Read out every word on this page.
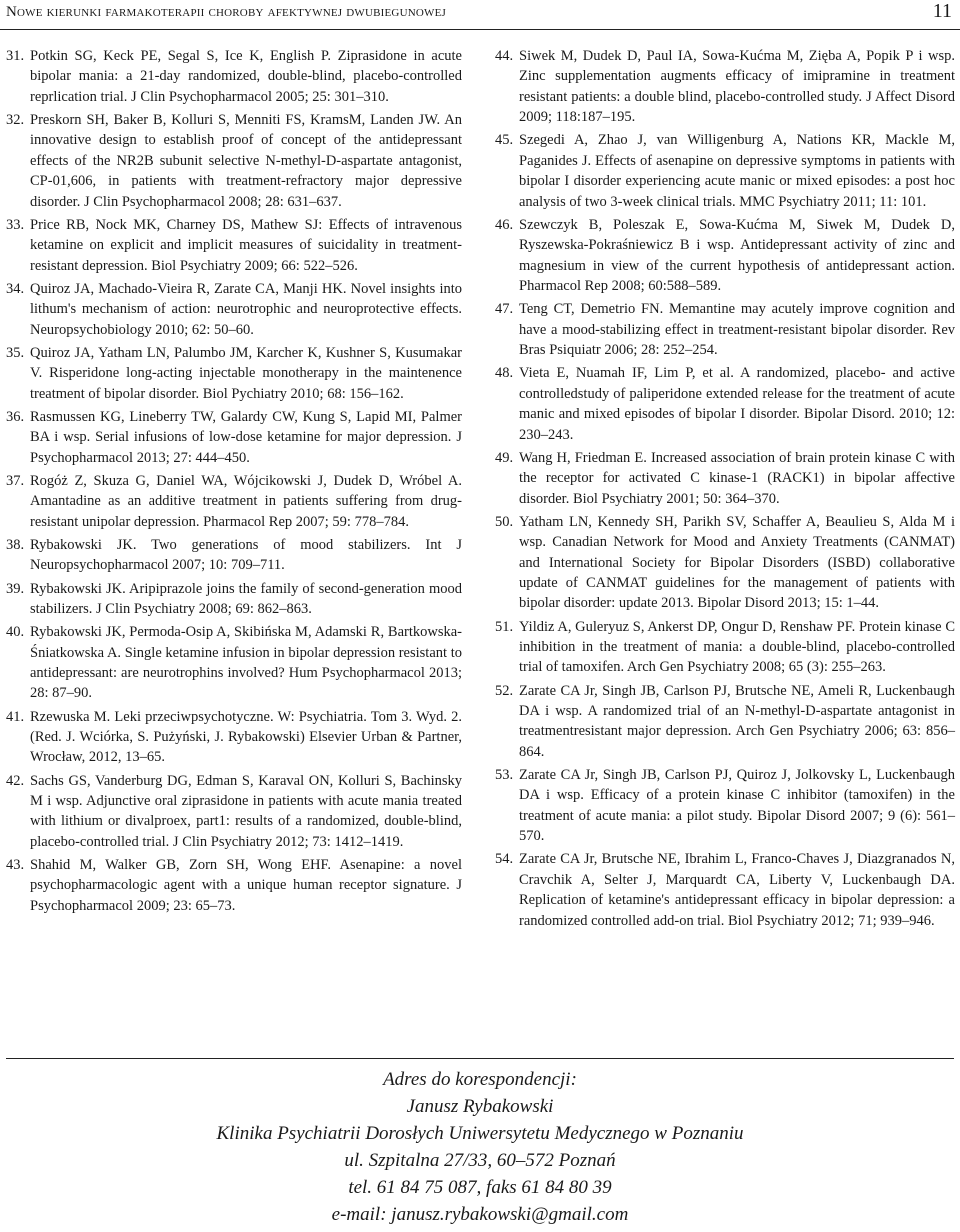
Nowe kierunki farmakoterapii choroby afektywnej dwubiegunowej	11
31. Potkin SG, Keck PE, Segal S, Ice K, English P. Ziprasidone in acute bipolar mania: a 21-day randomized, double-blind, placebo-controlled reprlication trial. J Clin Psychopharmacol 2005; 25: 301–310.
32. Preskorn SH, Baker B, Kolluri S, Menniti FS, KramsM, Landen JW. An innovative design to establish proof of concept of the antidepressant effects of the NR2B subunit selective N-methyl-D-aspartate antagonist, CP-01,606, in patients with treatment-refractory major depressive disorder. J Clin Psychopharmacol 2008; 28: 631–637.
33. Price RB, Nock MK, Charney DS, Mathew SJ: Effects of intravenous ketamine on explicit and implicit measures of suicidality in treatment-resistant depression. Biol Psychiatry 2009; 66: 522–526.
34. Quiroz JA, Machado-Vieira R, Zarate CA, Manji HK. Novel insights into lithum's mechanism of action: neurotrophic and neuroprotective effects. Neuropsychobiology 2010; 62: 50–60.
35. Quiroz JA, Yatham LN, Palumbo JM, Karcher K, Kushner S, Kusumakar V. Risperidone long-acting injectable monotherapy in the maintenence treatment of bipolar disorder. Biol Pychiatry 2010; 68: 156–162.
36. Rasmussen KG, Lineberry TW, Galardy CW, Kung S, Lapid MI, Palmer BA i wsp. Serial infusions of low-dose ketamine for major depression. J Psychopharmacol 2013; 27: 444–450.
37. Rogóż Z, Skuza G, Daniel WA, Wójcikowski J, Dudek D, Wróbel A. Amantadine as an additive treatment in patients suffering from drug-resistant unipolar depression. Pharmacol Rep 2007; 59: 778–784.
38. Rybakowski JK. Two generations of mood stabilizers. Int J Neuropsychopharmacol 2007; 10: 709–711.
39. Rybakowski JK. Aripiprazole joins the family of second-generation mood stabilizers. J Clin Psychiatry 2008; 69: 862–863.
40. Rybakowski JK, Permoda-Osip A, Skibińska M, Adamski R, Bartkowska-Śniatkowska A. Single ketamine infusion in bipolar depression resistant to antidepressant: are neurotrophins involved? Hum Psychopharmacol 2013; 28: 87–90.
41. Rzewuska M. Leki przeciwpsychotyczne. W: Psychiatria. Tom 3. Wyd. 2. (Red. J. Wciórka, S. Pużyński, J. Rybakowski) Elsevier Urban & Partner, Wrocław, 2012, 13–65.
42. Sachs GS, Vanderburg DG, Edman S, Karaval ON, Kolluri S, Bachinsky M i wsp. Adjunctive oral ziprasidone in patients with acute mania treated with lithium or divalproex, part1: results of a randomized, double-blind, placebo-controlled trial. J Clin Psychiatry 2012; 73: 1412–1419.
43. Shahid M, Walker GB, Zorn SH, Wong EHF. Asenapine: a novel psychopharmacologic agent with a unique human receptor signature. J Psychopharmacol 2009; 23: 65–73.
44. Siwek M, Dudek D, Paul IA, Sowa-Kućma M, Zięba A, Popik P i wsp. Zinc supplementation augments efficacy of imipramine in treatment resistant patients: a double blind, placebo-controlled study. J Affect Disord 2009; 118:187–195.
45. Szegedi A, Zhao J, van Willigenburg A, Nations KR, Mackle M, Paganides J. Effects of asenapine on depressive symptoms in patients with bipolar I disorder experiencing acute manic or mixed episodes: a post hoc analysis of two 3-week clinical trials. MMC Psychiatry 2011; 11: 101.
46. Szewczyk B, Poleszak E, Sowa-Kućma M, Siwek M, Dudek D, Ryszewska-Pokraśniewicz B i wsp. Antidepressant activity of zinc and magnesium in view of the current hypothesis of antidepressant action. Pharmacol Rep 2008; 60:588–589.
47. Teng CT, Demetrio FN. Memantine may acutely improve cognition and have a mood-stabilizing effect in treatment-resistant bipolar disorder. Rev Bras Psiquiatr 2006; 28: 252–254.
48. Vieta E, Nuamah IF, Lim P, et al. A randomized, placebo- and active controlledstudy of paliperidone extended release for the treatment of acute manic and mixed episodes of bipolar I disorder. Bipolar Disord. 2010; 12: 230–243.
49. Wang H, Friedman E. Increased association of brain protein kinase C with the receptor for activated C kinase-1 (RACK1) in bipolar affective disorder. Biol Psychiatry 2001; 50: 364–370.
50. Yatham LN, Kennedy SH, Parikh SV, Schaffer A, Beaulieu S, Alda M i wsp. Canadian Network for Mood and Anxiety Treatments (CANMAT) and International Society for Bipolar Disorders (ISBD) collaborative update of CANMAT guidelines for the management of patients with bipolar disorder: update 2013. Bipolar Disord 2013; 15: 1–44.
51. Yildiz A, Guleryuz S, Ankerst DP, Ongur D, Renshaw PF. Protein kinase C inhibition in the treatment of mania: a double-blind, placebo-controlled trial of tamoxifen. Arch Gen Psychiatry 2008; 65 (3): 255–263.
52. Zarate CA Jr, Singh JB, Carlson PJ, Brutsche NE, Ameli R, Luckenbaugh DA i wsp. A randomized trial of an N-methyl-D-aspartate antagonist in treatmentresistant major depression. Arch Gen Psychiatry 2006; 63: 856–864.
53. Zarate CA Jr, Singh JB, Carlson PJ, Quiroz J, Jolkovsky L, Luckenbaugh DA i wsp. Efficacy of a protein kinase C inhibitor (tamoxifen) in the treatment of acute mania: a pilot study. Bipolar Disord 2007; 9 (6): 561–570.
54. Zarate CA Jr, Brutsche NE, Ibrahim L, Franco-Chaves J, Diazgranados N, Cravchik A, Selter J, Marquardt CA, Liberty V, Luckenbaugh DA. Replication of ketamine's antidepressant efficacy in bipolar depression: a randomized controlled add-on trial. Biol Psychiatry 2012; 71; 939–946.
Adres do korespondencji:
Janusz Rybakowski
Klinika Psychiatrii Dorosłych Uniwersytetu Medycznego w Poznaniu
ul. Szpitalna 27/33, 60–572 Poznań
tel. 61 84 75 087, faks 61 84 80 39
e-mail: janusz.rybakowski@gmail.com
